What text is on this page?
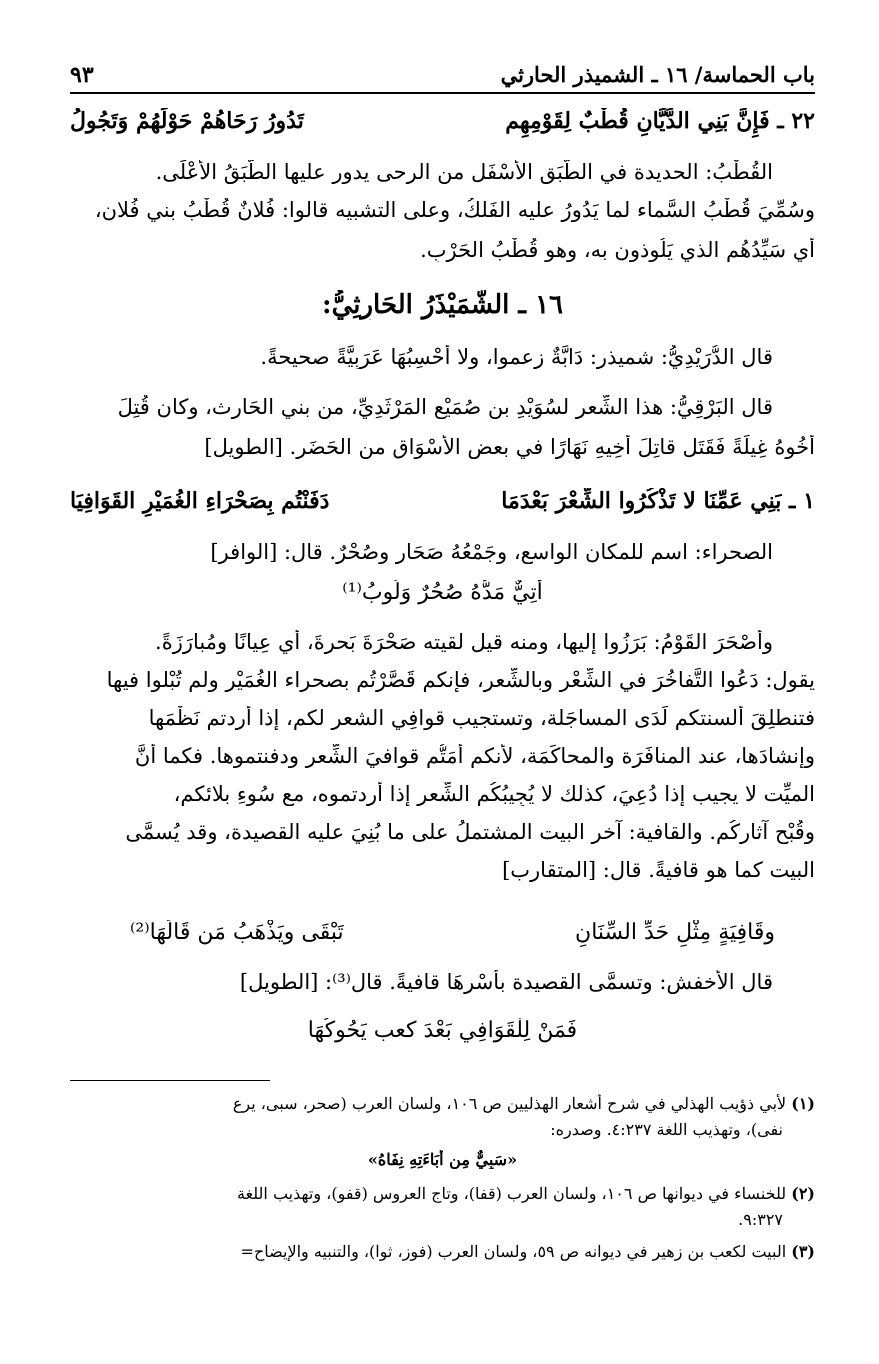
باب الحماسة/ ١٦ ـ الشميذر الحارثي
٩٣
٢٢ ـ فَإِنَّ بَنِي الدَّيَّانِ قُطْبٌ لِقَوْمِهِم
تَدُورُ رَحَاهُمْ حَوْلَهُمْ وَتَجُولُ
القُطْبُ: الحديدة في الطَّبَقِ الأَسْفَلِ من الرحى يدور عليها الطَّبَقُ الأَعْلَى.
وسُمِّيَ قُطْبُ السَّماء لما يَدُورُ عليه الفَلكُ، وعلى التشبيه قالوا: فُلانٌ قُطْبُ بني فُلانٍ،
أي سَيِّدُهُم الذي يَلُوذون به، وهو قُطْبُ الحَرْبِ.
١٦ ـ الشَّمَيْذَرُ الحَارِثِيُّ:
قال الدُّرَيْدِيُّ: شميذر: دَابَّةٌ زعموا، ولا أَحْسِبُهَا عَرَبِيَّةً صحيحةً.
قال البَرْقِيُّ: هذا الشِّعر لسُوَيْدِ بن صُمَيْعِ المَرْثَدِيِّ، من بني الحَارِث، وكان قُتِلَ
أَخُوهُ غِيلَةً فَقَتَل قاتِلَ أَخِيهِ نَهَارًا في بعض الأَسْوَاقِ من الحَضَرِ. [الطويل]
١ ـ بَنِي عَمِّنَا لا تَذْكُرُوا الشِّعْرَ بَعْدَمَا
دَفَنْتُم بِصَحْرَاءِ الغُمَيْرِ القَوَافِيَا
الصحراء: اسم للمكان الواسع، وجَمْعُهُ صَحَارٍ وصُحْرٌ. قال: [الوافر]
أَتِيٌّ مَدُّهُ صُحُرٌ وَلُوبُ⁽¹⁾
وأَصْحَرَ القَوْمُ: بَرَزُوا إليها، ومنه قيل لقيته صَحْرَةَ بَحرةَ، أي عِيانًا ومُبارَزَةً.
يقول: دَعُوا التَّفاخُرَ في الشِّعْرِ وبالشِّعر، فإنكم قَصَّرْتُم بصحراء الغُمَيْرِ ولم تُبْلوا فيها
فتنطلِقَ ألسنتكم لَدَى المساجَلة، وتستجيب قوافِي الشعر لكم، إذا أردتم نَظْمَها
وإنشادَها، عند المنافَرَة والمحاكَمَة، لأنكم أَمَتُّم قوافيَ الشِّعر ودفنتموها. فكما أنَّ
الميِّت لا يجيب إذا دُعِيَ، كذلك لا يُجِيبُكُم الشِّعر إذا أردتموه، مع سُوءِ بلائكم،
وقُبْح آثارِكُم. والقافية: آخر البيت المشتملُ على ما بُنِيَ عليه القصيدة، وقد يُسمَّى
البيت كما هو قافيةً. قال: [المتقارب]
وقَافِيَةٍ مِثْلِ حَدِّ السِّنَانِ
تَبْقَى ويَذْهَبُ مَن قَالَهَا⁽²⁾
قال الأخفش: وتسمَّى القصيدة بأسْرِهَا قافيةً. قال⁽³⁾: [الطويل]
فَمَنْ لِلْقَوَافِي بَعْدَ كعب يَحُوكُهَا
(١) لأبي ذؤيب الهذلي في شرح أشعار الهذليين ص ١٠٦، ولسان العرب (صحر، سبى، يرع
نفى)، وتهذيب اللغة ٤:٢٣٧. وصدره:
«سَبِيٌّ مِن أَبَاءَتِهِ نِفَاهُ»
(٢) للخنساء في ديوانها ص ١٠٦، ولسان العرب (قفا)، وتاج العروس (قفو)، وتهذيب اللغة
٩:٣٢٧.
(٣) البيت لكعب بن زهير في ديوانه ص ٥٩، ولسان العرب (فوز، ثوا)، والتنبيه والإيضاح=
